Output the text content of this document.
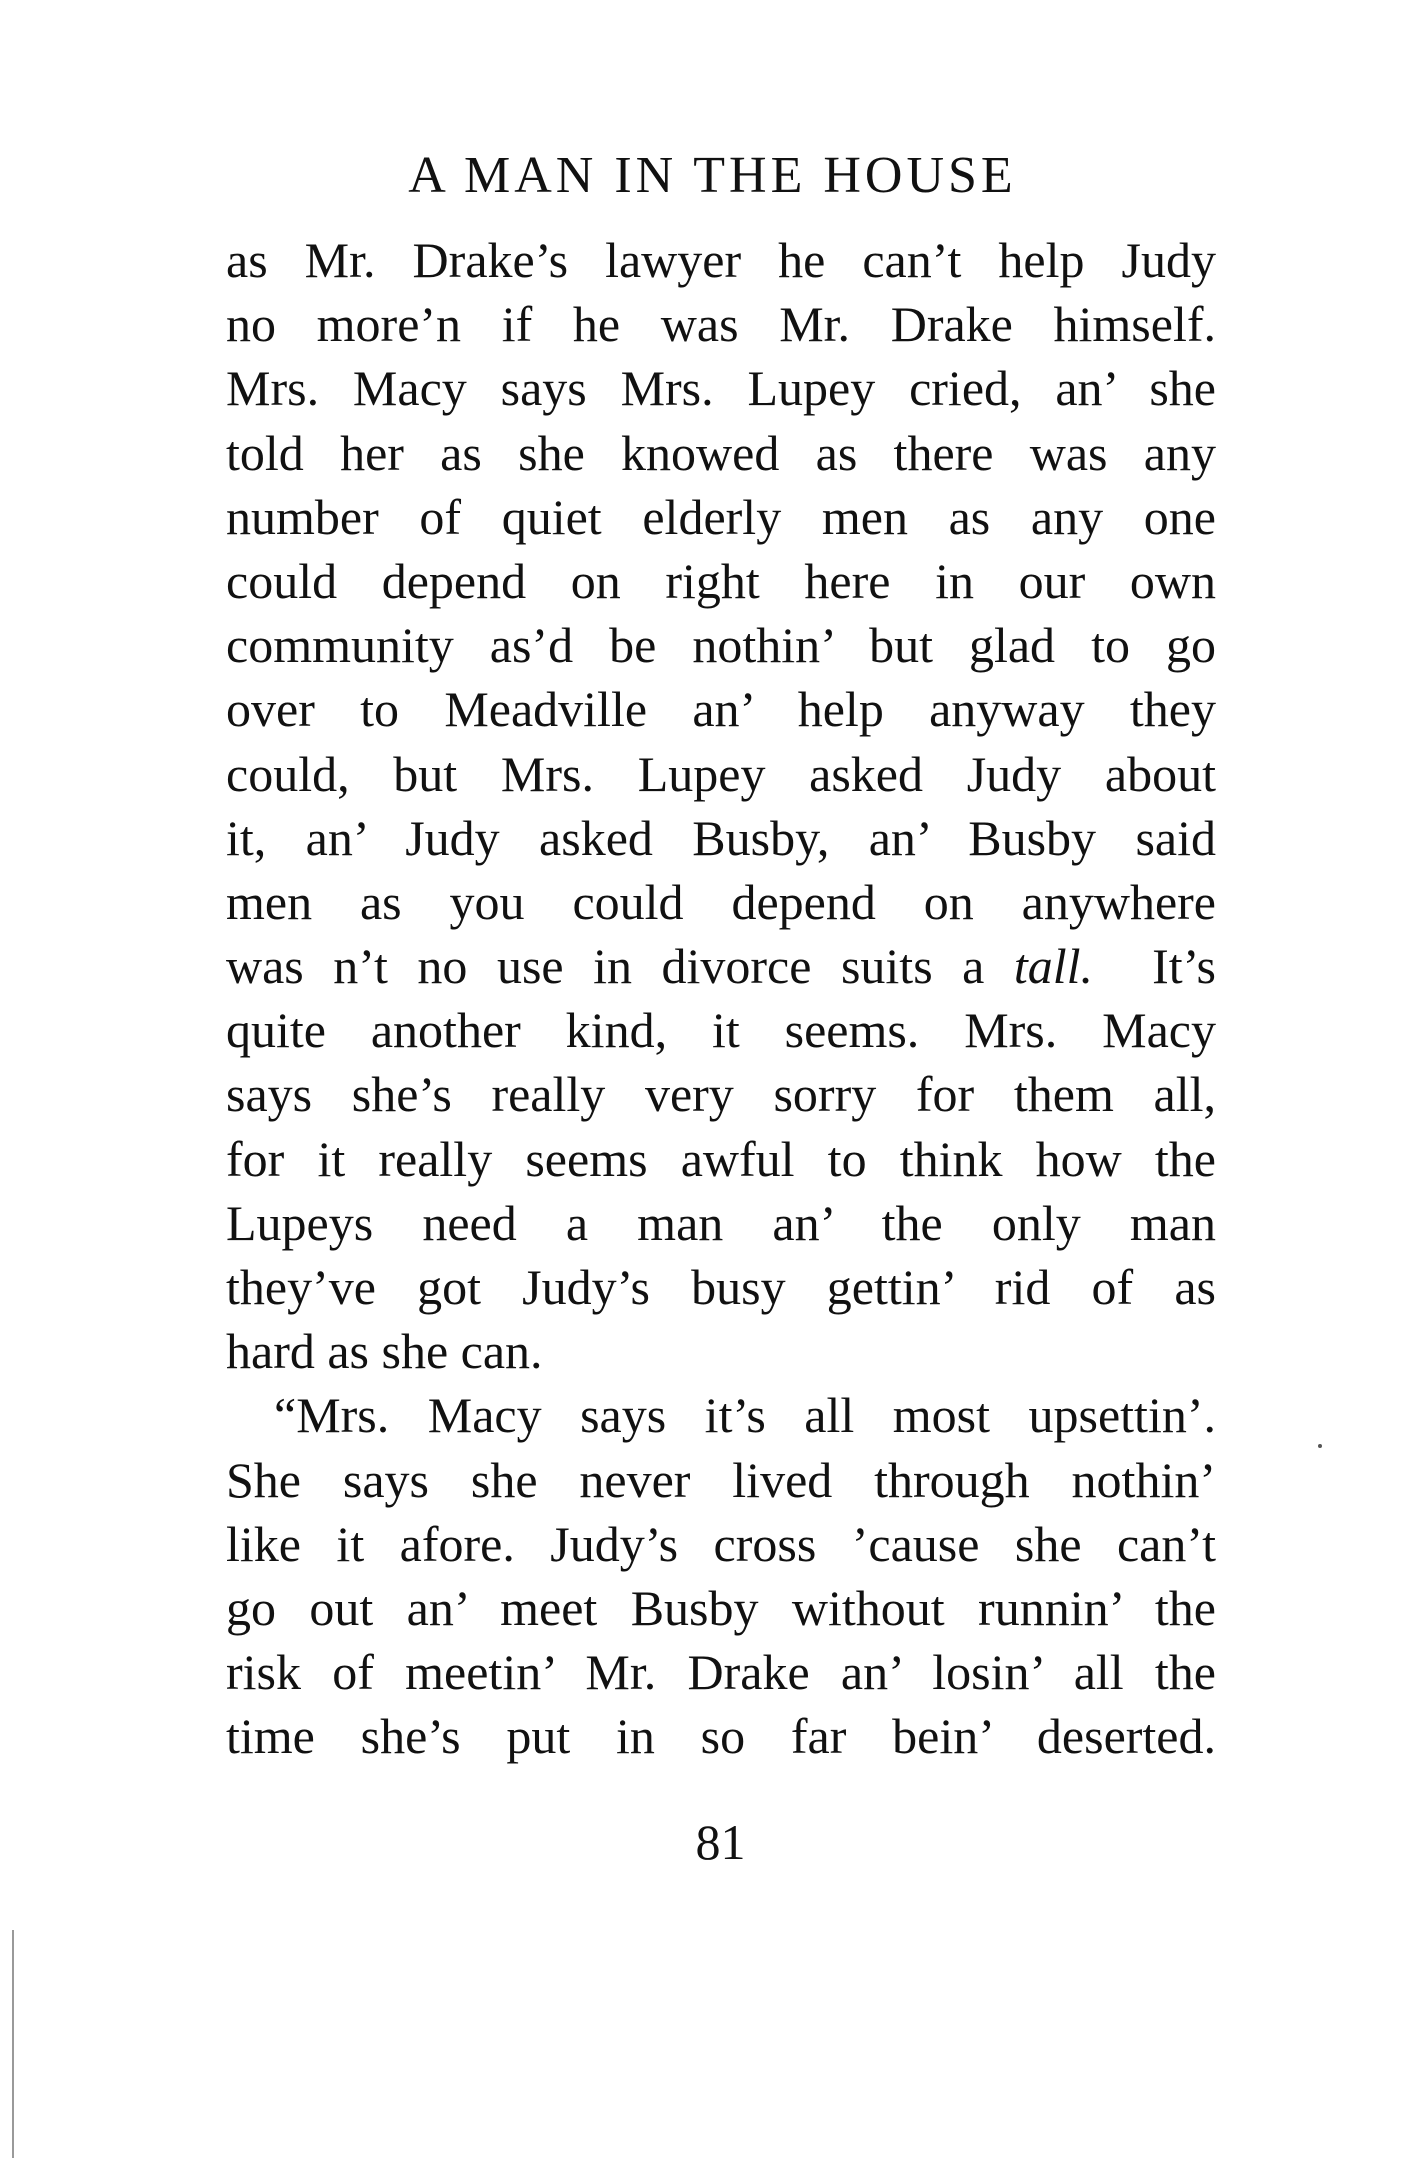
A MAN IN THE HOUSE
as Mr. Drake’s lawyer he can’t help Judy
no more’n if he was Mr. Drake himself.
Mrs. Macy says Mrs. Lupey cried, an’ she
told her as she knowed as there was any
number of quiet elderly men as any one
could depend on right here in our own
community as’d be nothin’ but glad to go
over to Meadville an’ help anyway they
could, but Mrs. Lupey asked Judy about
it, an’ Judy asked Busby, an’ Busby said
men as you could depend on anywhere
was n’t no use in divorce suits a tall.  It’s
quite another kind, it seems. Mrs. Macy
says she’s really very sorry for them all,
for it really seems awful to think how the
Lupeys need a man an’ the only man
they’ve got Judy’s busy gettin’ rid of as
hard as she can.
“Mrs. Macy says it’s all most upsettin’.
She says she never lived through nothin’
like it afore. Judy’s cross ’cause she can’t
go out an’ meet Busby without runnin’ the
risk of meetin’ Mr. Drake an’ losin’ all the
time she’s put in so far bein’ deserted.
81
